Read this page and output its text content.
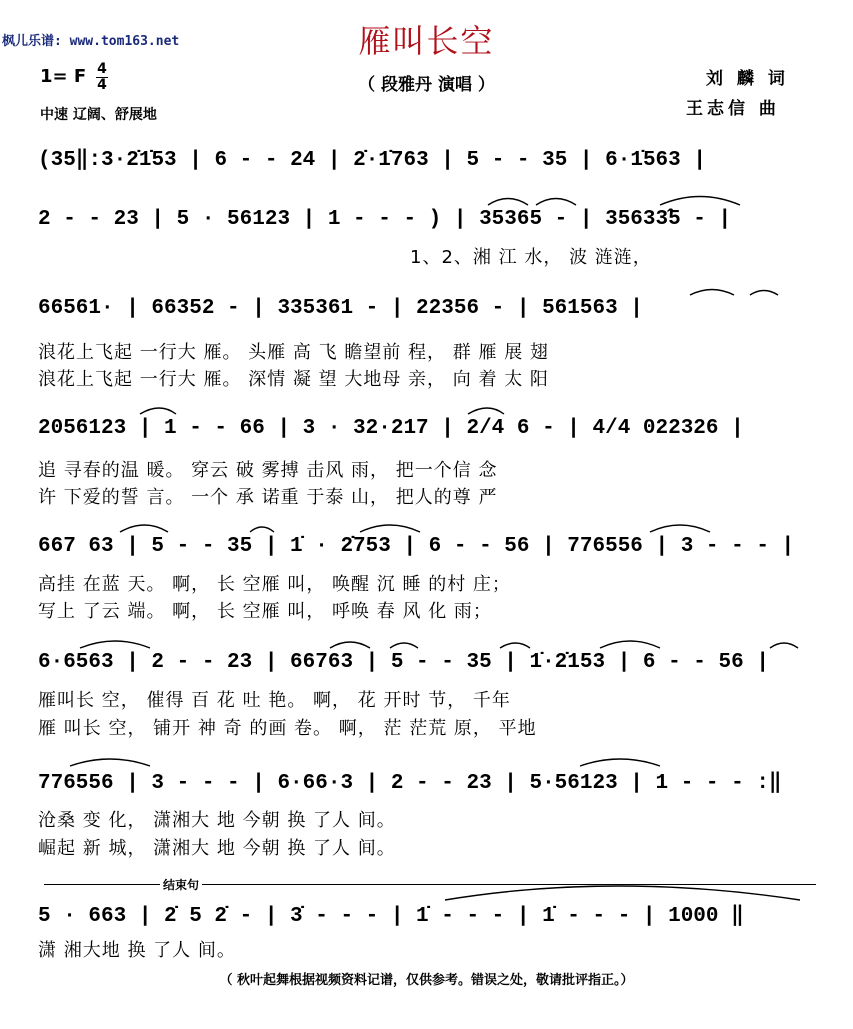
枫儿乐谱: www.tom163.net	雁叫长空
（ 段雅丹 演唱 ）	刘 麟 词
王志信 曲
1= F 4
4
中速 辽阔、舒展地
(35‖:3·2̇1̇53 | 6 - - 24 | 2̇·1̇763 | 5 - - 35 | 6·1̇563 |
2 - - 23 | 5 · 56123 | 1 - - - ) | 35365 - | 35633̂5 - |
1、2、湘 江 水， 波 涟涟，
66561· | 66352 - | 335361 - | 22356 - | 561563 |
浪花上飞起 一行大 雁。 头雁 高 飞 瞻望前 程， 群 雁 展 翅
浪花上飞起 一行大 雁。 深情 凝 望 大地母 亲， 向 着 太 阳
2056123 | 1 - - 66 | 3 · 32·217 | 2/4 6 - | 4/4 022326 |
追 寻春的温 暖。 穿云 破 雾搏 击风 雨， 把一个信 念
许 下爱的誓 言。 一个 承 诺重 于泰 山， 把人的尊 严
667 63 | 5 - - 35 | 1̇ · 2̇753 | 6 - - 56 | 776556 | 3 - - - |
高挂 在蓝 天。 啊， 长 空雁 叫， 唤醒 沉 睡 的村 庄；
写上 了云 端。 啊， 长 空雁 叫， 呼唤 春 风 化 雨；
6·6563 | 2 - - 23 | 66763 | 5 - - 35 | 1̇·2̇153 | 6 - - 56 |
雁叫长 空， 催得 百 花 吐 艳。 啊， 花 开时 节， 千年
雁 叫长 空， 铺开 神 奇 的画 卷。 啊， 茫 茫荒 原， 平地
776556 | 3 - - - | 6·66·3 | 2 - - 23 | 5·56123 | 1 - - - :‖
沧桑 变 化， 潇湘大 地 今朝 换 了人 间。
崛起 新 城， 潇湘大 地 今朝 换 了人 间。
结束句
5 · 663 | 2̇ 5 2̇ - | 3̇ - - - | 1̇ - - - | 1̇ - - - | 1000 ‖
潇 湘大地 换 了人 间。
（ 秋叶起舞根据视频资料记谱，仅供参考。错误之处，敬请批评指正。）
